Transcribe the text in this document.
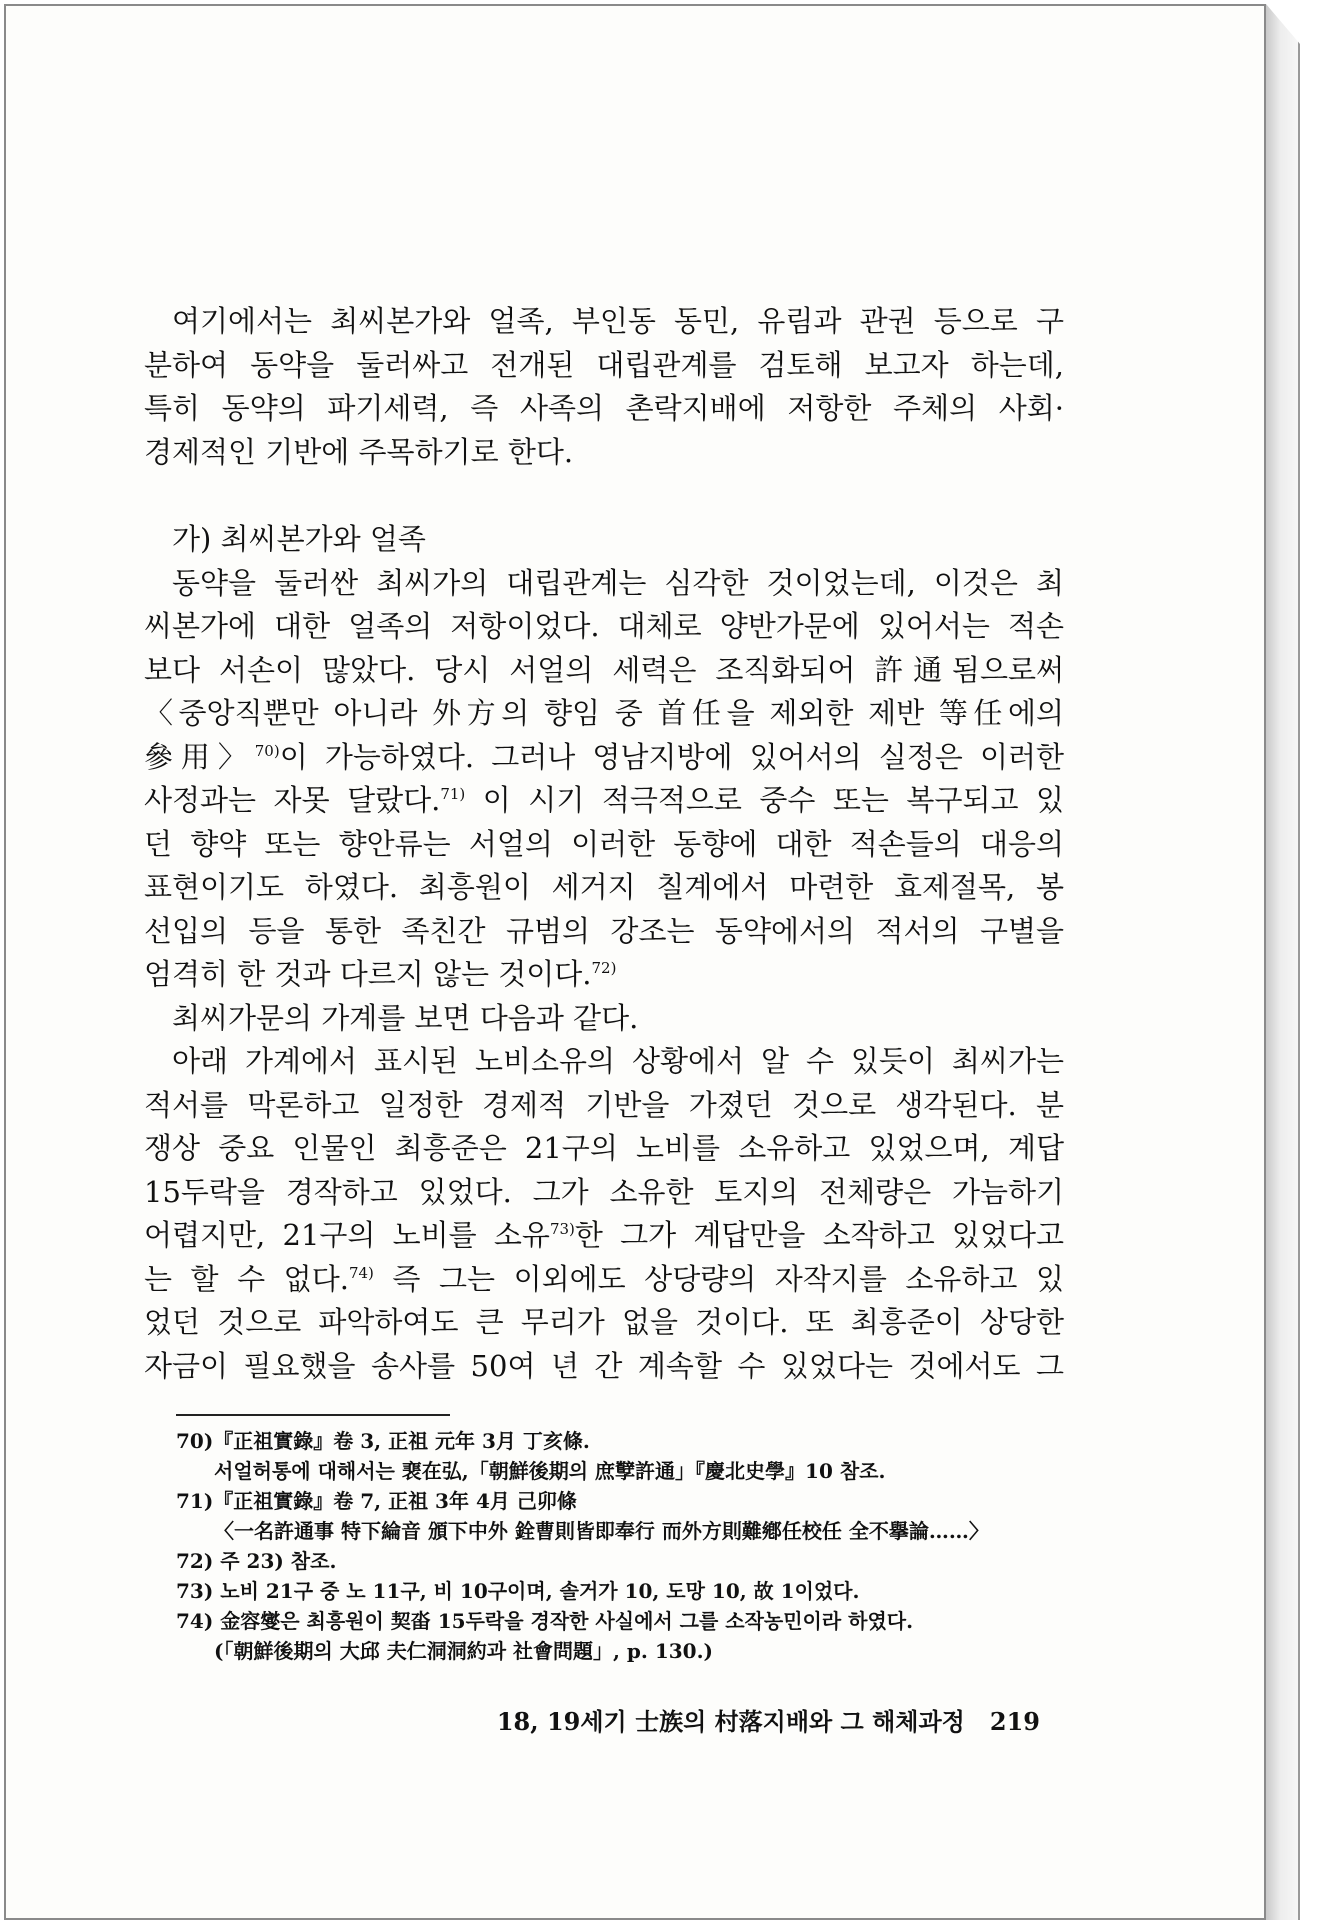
여기에서는 최씨본가와 얼족, 부인동 동민, 유림과 관권 등으로 구
분하여 동약을 둘러싸고 전개된 대립관계를 검토해 보고자 하는데,
특히 동약의 파기세력, 즉 사족의 촌락지배에 저항한 주체의 사회·
경제적인 기반에 주목하기로 한다.
가) 최씨본가와 얼족
동약을 둘러싼 최씨가의 대립관계는 심각한 것이었는데, 이것은 최
씨본가에 대한 얼족의 저항이었다. 대체로 양반가문에 있어서는 적손
보다 서손이 많았다. 당시 서얼의 세력은 조직화되어 許通됨으로써
〈중앙직뿐만 아니라 外方의 향임 중 首任을 제외한 제반 等任에의
參用〉$^{70)}$이 가능하였다. 그러나 영남지방에 있어서의 실정은 이러한
사정과는 자못 달랐다.$^{71)}$ 이 시기 적극적으로 중수 또는 복구되고 있
던 향약 또는 향안류는 서얼의 이러한 동향에 대한 적손들의 대응의
표현이기도 하였다. 최흥원이 세거지 칠계에서 마련한 효제절목, 봉
선입의 등을 통한 족친간 규범의 강조는 동약에서의 적서의 구별을
엄격히 한 것과 다르지 않는 것이다.$^{72)}$
최씨가문의 가계를 보면 다음과 같다.
아래 가계에서 표시된 노비소유의 상황에서 알 수 있듯이 최씨가는
적서를 막론하고 일정한 경제적 기반을 가졌던 것으로 생각된다. 분
쟁상 중요 인물인 최흥준은 21구의 노비를 소유하고 있었으며, 계답
15두락을 경작하고 있었다. 그가 소유한 토지의 전체량은 가늠하기
어렵지만, 21구의 노비를 소유$^{73)}$한 그가 계답만을 소작하고 있었다고
는 할 수 없다.$^{74)}$ 즉 그는 이외에도 상당량의 자작지를 소유하고 있
었던 것으로 파악하여도 큰 무리가 없을 것이다. 또 최흥준이 상당한
자금이 필요했을 송사를 50여 년 간 계속할 수 있었다는 것에서도 그
70)『正祖實錄』卷 3, 正祖 元年 3月 丁亥條.
서얼허통에 대해서는 裵在弘,「朝鮮後期의 庶孼許通」『慶北史學』10 참조.
71)『正祖實錄』卷 7, 正祖 3年 4月 己卯條
〈一名許通事 特下綸音 頒下中外 銓曹則皆即奉行 而外方則難鄕任校任 全不擧論……〉
72) 주 23) 참조.
73) 노비 21구 중 노 11구, 비 10구이며, 솔거가 10, 도망 10, 故 1이었다.
74) 金容燮은 최흥원이 契畓 15두락을 경작한 사실에서 그를 소작농민이라 하였다.
(「朝鮮後期의 大邱 夫仁洞洞約과 社會問題」, p. 130.)
18, 19세기 士族의 村落지배와 그 해체과정 219
